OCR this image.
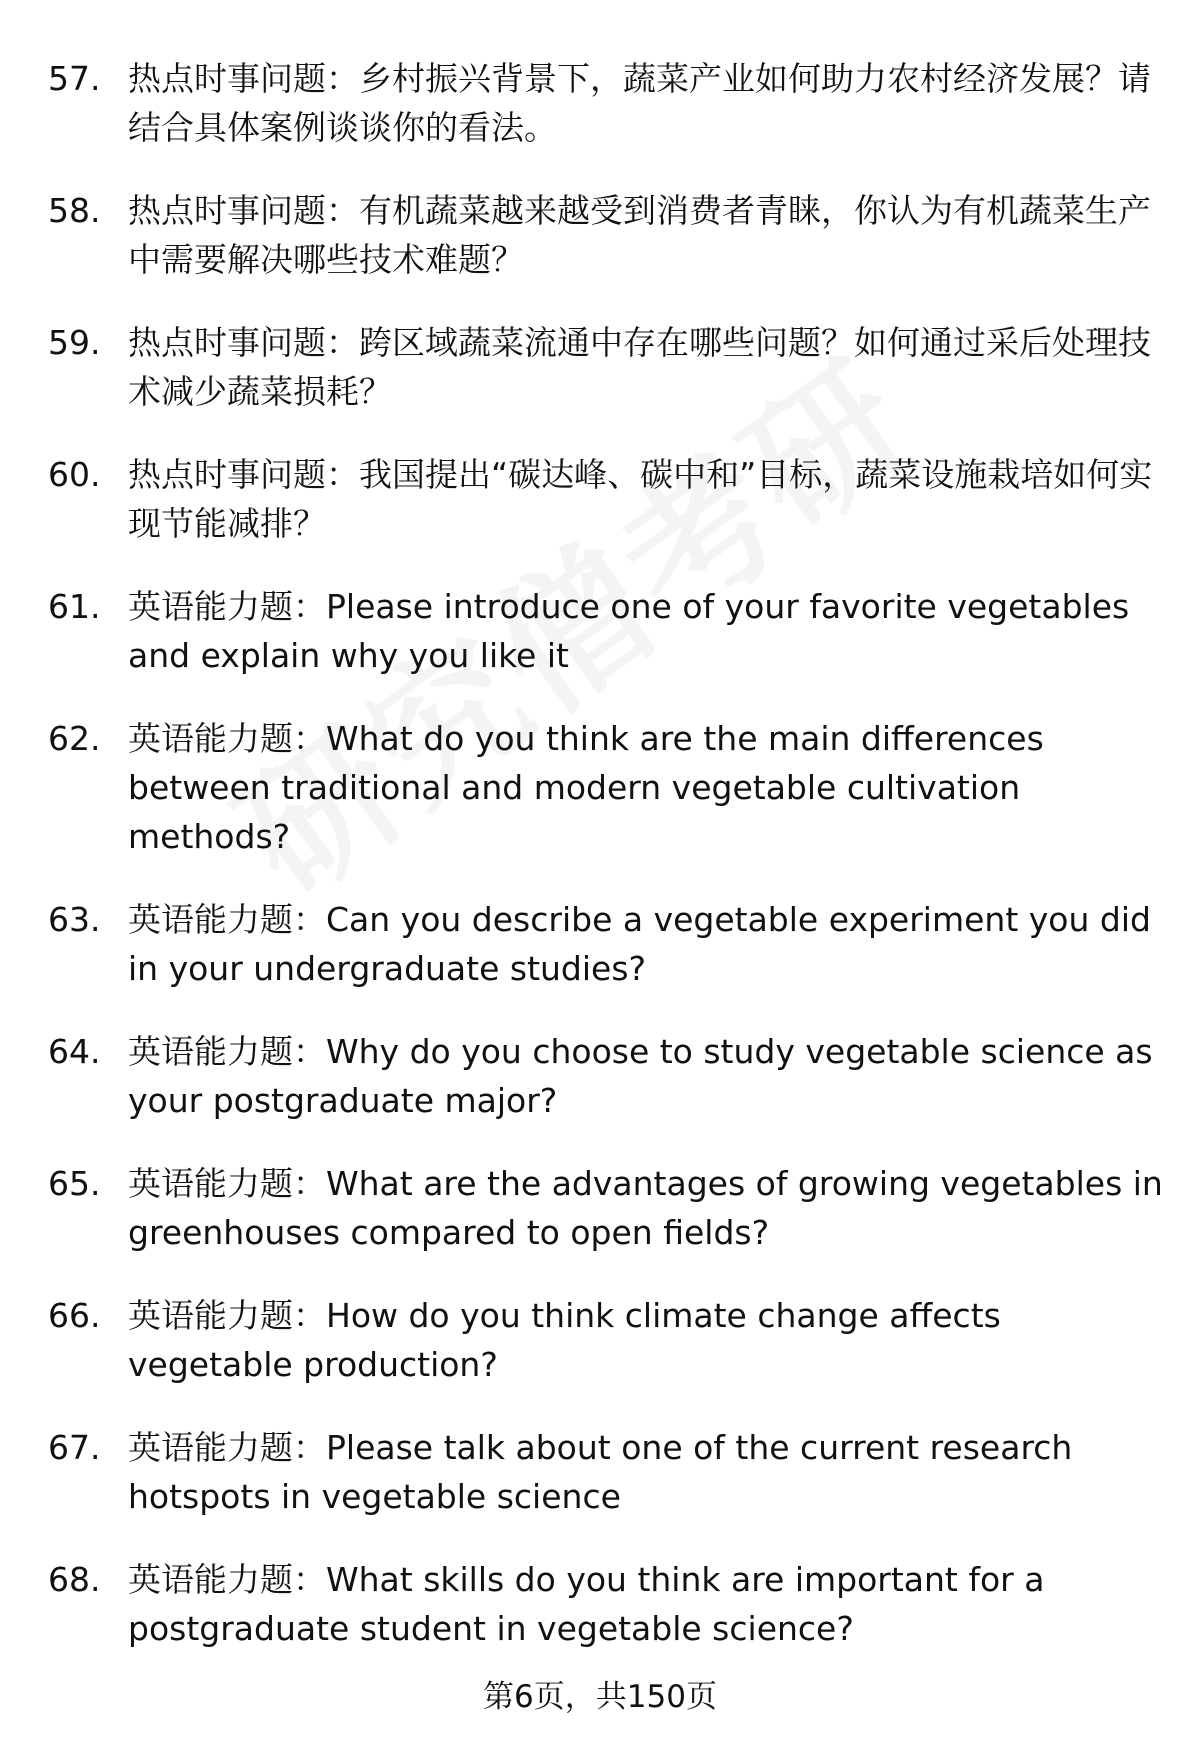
57. 热点时事问题：乡村振兴背景下，蔬菜产业如何助力农村经济发展？请结合具体案例谈谈你的看法。
58. 热点时事问题：有机蔬菜越来越受到消费者青睐，你认为有机蔬菜生产中需要解决哪些技术难题？
59. 热点时事问题：跨区域蔬菜流通中存在哪些问题？如何通过采后处理技术减少蔬菜损耗？
60. 热点时事问题：我国提出“碳达峰、碳中和”目标，蔬菜设施栽培如何实现节能减排？
61. 英语能力题：Please introduce one of your favorite vegetables and explain why you like it
62. 英语能力题：What do you think are the main differences between traditional and modern vegetable cultivation methods?
63. 英语能力题：Can you describe a vegetable experiment you did in your undergraduate studies?
64. 英语能力题：Why do you choose to study vegetable science as your postgraduate major?
65. 英语能力题：What are the advantages of growing vegetables in greenhouses compared to open fields?
66. 英语能力题：How do you think climate change affects vegetable production?
67. 英语能力题：Please talk about one of the current research hotspots in vegetable science
68. 英语能力题：What skills do you think are important for a postgraduate student in vegetable science?
第6页，共150页
